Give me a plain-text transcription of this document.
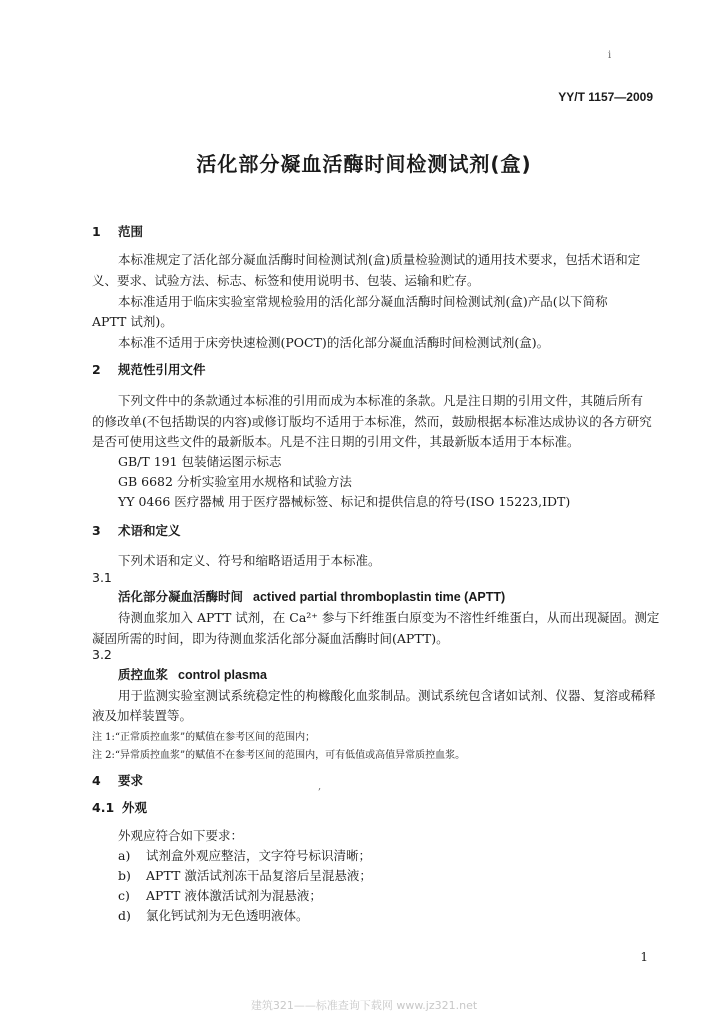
YY/T 1157—2009
活化部分凝血活酶时间检测试剂(盒)
1 范围
本标准规定了活化部分凝血活酶时间检测试剂(盒)质量检验测试的通用技术要求，包括术语和定
义、要求、试验方法、标志、标签和使用说明书、包装、运输和贮存。
本标准适用于临床实验室常规检验用的活化部分凝血活酶时间检测试剂(盒)产品(以下简称
APTT 试剂)。
本标准不适用于床旁快速检测(POCT)的活化部分凝血活酶时间检测试剂(盒)。
2 规范性引用文件
下列文件中的条款通过本标准的引用而成为本标准的条款。凡是注日期的引用文件，其随后所有
的修改单(不包括勘误的内容)或修订版均不适用于本标准，然而，鼓励根据本标准达成协议的各方研究
是否可使用这些文件的最新版本。凡是不注日期的引用文件，其最新版本适用于本标准。
GB/T 191 包装储运图示标志
GB 6682 分析实验室用水规格和试验方法
YY 0466 医疗器械 用于医疗器械标签、标记和提供信息的符号(ISO 15223,IDT)
3 术语和定义
下列术语和定义、符号和缩略语适用于本标准。
3.1
活化部分凝血活酶时间 actived partial thromboplastin time (APTT)
待测血浆加入 APTT 试剂，在 Ca²⁺ 参与下纤维蛋白原变为不溶性纤维蛋白，从而出现凝固。测定
凝固所需的时间，即为待测血浆活化部分凝血活酶时间(APTT)。
3.2
质控血浆 control plasma
用于监测实验室测试系统稳定性的枸橼酸化血浆制品。测试系统包含诸如试剂、仪器、复溶或稀释
液及加样装置等。
注 1:“正常质控血浆”的赋值在参考区间的范围内；
注 2:“异常质控血浆”的赋值不在参考区间的范围内，可有低值或高值异常质控血浆。
4 要求	,
4.1 外观
外观应符合如下要求：
a) 试剂盒外观应整洁，文字符号标识清晰；
b) APTT 激活试剂冻干品复溶后呈混悬液；
c) APTT 液体激活试剂为混悬液；
d) 氯化钙试剂为无色透明液体。
i
1
建筑321——标准查询下载网 www.jz321.net
